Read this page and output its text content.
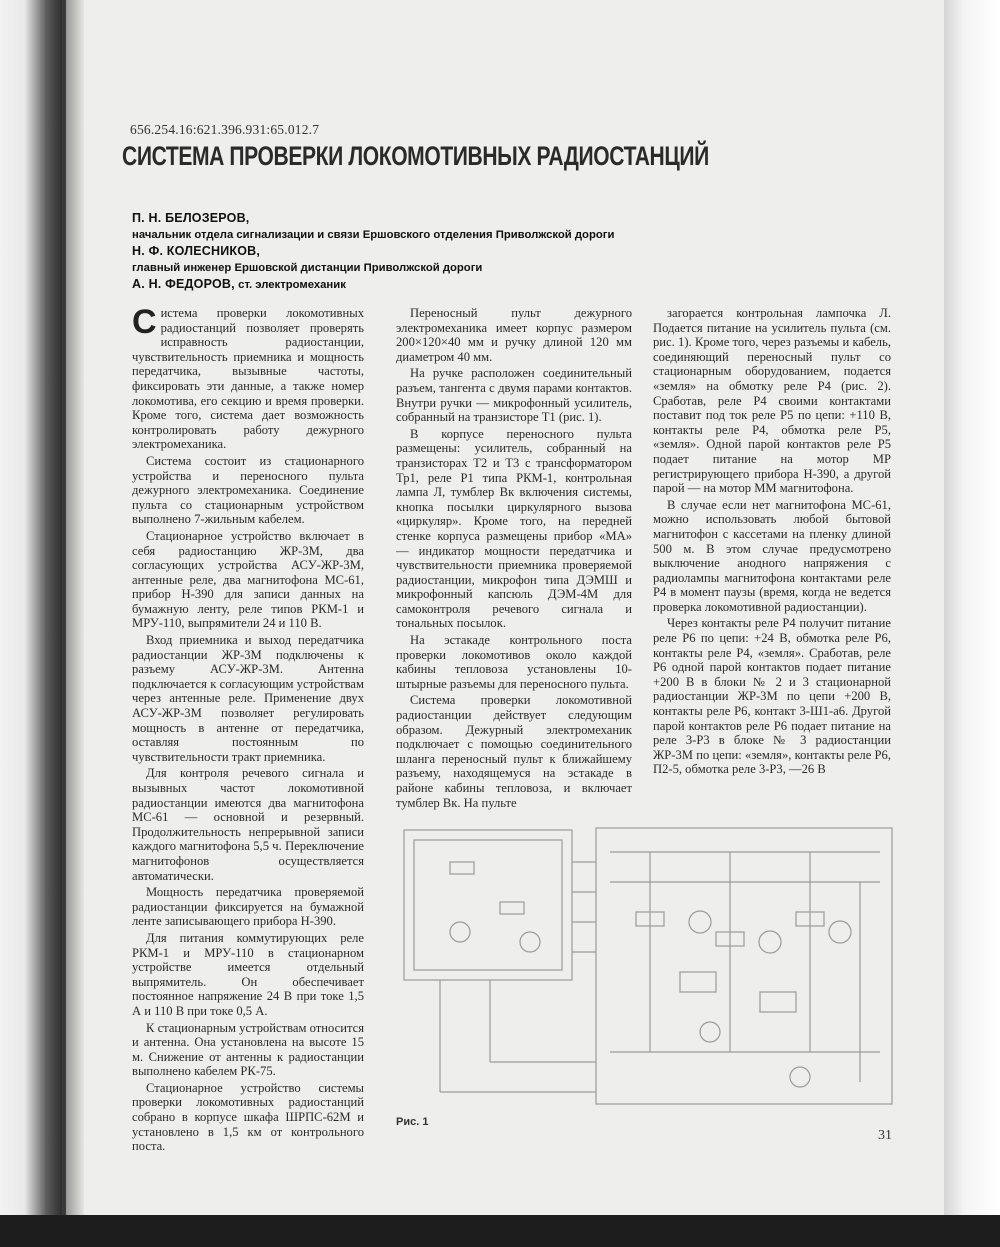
656.254.16:621.396.931:65.012.7
СИСТЕМА ПРОВЕРКИ ЛОКОМОТИВНЫХ РАДИОСТАНЦИЙ
П. Н. БЕЛОЗЕРОВ,
начальник отдела сигнализации и связи Ершовского отделения Приволжской дороги
Н. Ф. КОЛЕСНИКОВ,
главный инженер Ершовской дистанции Приволжской дороги
А. Н. ФЕДОРОВ, ст. электромеханик

Система проверки локомотивных радиостанций позволяет проверять исправность радиостанции, чувствительность приемника и мощность передатчика, вызывные частоты, фиксировать эти данные, а также номер локомотива, его секцию и время проверки. Кроме того, система дает возможность контролировать работу дежурного электромеханика.

Система состоит из стационарного устройства и переносного пульта дежурного электромеханика. Соединение пульта со стационарным устройством выполнено 7-жильным кабелем.

Стационарное устройство включает в себя радиостанцию ЖР-3М, два согласующих устройства АСУ-ЖР-3М, антенные реле, два магнитофона МС-61, прибор Н-390 для записи данных на бумажную ленту, реле типов РКМ-1 и МРУ-110, выпрямители 24 и 110 В.

Вход приемника и выход передатчика радиостанции ЖР-3М подключены к разъему АСУ-ЖР-3М. Антенна подключается к согласующим устройствам через антенные реле. Применение двух АСУ-ЖР-3М позволяет регулировать мощность в антенне от передатчика, оставляя постоянным по чувствительности тракт приемника.

Для контроля речевого сигнала и вызывных частот локомотивной радиостанции имеются два магнитофона МС-61 — основной и резервный. Продолжительность непрерывной записи каждого магнитофона 5,5 ч. Переключение магнитофонов осуществляется автоматически.

Мощность передатчика проверяемой радиостанции фиксируется на бумажной ленте записывающего прибора Н-390.

Для питания коммутирующих реле РКМ-1 и МРУ-110 в стационарном устройстве имеется отдельный выпрямитель. Он обеспечивает постоянное напряжение 24 В при токе 1,5 А и 110 В при токе 0,5 А.

К стационарным устройствам относится и антенна. Она установлена на высоте 15 м. Снижение от антенны к радиостанции выполнено кабелем РК-75.

Стационарное устройство системы проверки локомотивных радиостанций собрано в корпусе шкафа ШРПС-62М и установлено в 1,5 км от контрольного поста.

Переносный пульт дежурного электромеханика имеет корпус размером 200×120×40 мм и ручку длиной 120 мм диаметром 40 мм.

На ручке расположен соединительный разъем, тангента с двумя парами контактов. Внутри ручки — микрофонный усилитель, собранный на транзисторе Т1 (рис. 1).

В корпусе переносного пульта размещены: усилитель, собранный на транзисторах Т2 и Т3 с трансформатором Тр1, реле Р1 типа РКМ-1, контрольная лампа Л, тумблер Вк включения системы, кнопка посылки циркулярного вызова «циркуляр». Кроме того, на передней стенке корпуса размещены прибор «МА» — индикатор мощности передатчика и чувствительности приемника проверяемой радиостанции, микрофон типа ДЭМШ и микрофонный капсюль ДЭМ-4М для самоконтроля речевого сигнала и тональных посылок.

На эстакаде контрольного поста проверки локомотивов около каждой кабины тепловоза установлены 10-штырные разъемы для переносного пульта.

Система проверки локомотивной радиостанции действует следующим образом. Дежурный электромеханик подключает с помощью соединительного шланга переносный пульт к ближайшему разъему, находящемуся на эстакаде в районе кабины тепловоза, и включает тумблер Вк. На пульте

загорается контрольная лампочка Л. Подается питание на усилитель пульта (см. рис. 1). Кроме того, через разъемы и кабель, соединяющий переносный пульт со стационарным оборудованием, подается «земля» на обмотку реле Р4 (рис. 2). Сработав, реле Р4 своими контактами поставит под ток реле Р5 по цепи: +110 В, контакты реле Р4, обмотка реле Р5, «земля». Одной парой контактов реле Р5 подает питание на мотор МР регистрирующего прибора Н-390, а другой парой — на мотор ММ магнитофона.

В случае если нет магнитофона МС-61, можно использовать любой бытовой магнитофон с кассетами на пленку длиной 500 м. В этом случае предусмотрено выключение анодного напряжения с радиолампы магнитофона контактами реле Р4 в момент паузы (время, когда не ведется проверка локомотивной радиостанции).

Через контакты реле Р4 получит питание реле Р6 по цепи: +24 В, обмотка реле Р6, контакты реле Р4, «земля». Сработав, реле Р6 одной парой контактов подает питание +200 В в блоки № 2 и 3 стационарной радиостанции ЖР-3М по цепи +200 В, контакты реле Р6, контакт 3-Ш1-а6. Другой парой контактов реле Р6 подает питание на реле 3-Р3 в блоке № 3 радиостанции ЖР-3М по цепи: «земля», контакты реле Р6, П2-5, обмотка реле 3-Р3, —26 В

Рис. 1
31
